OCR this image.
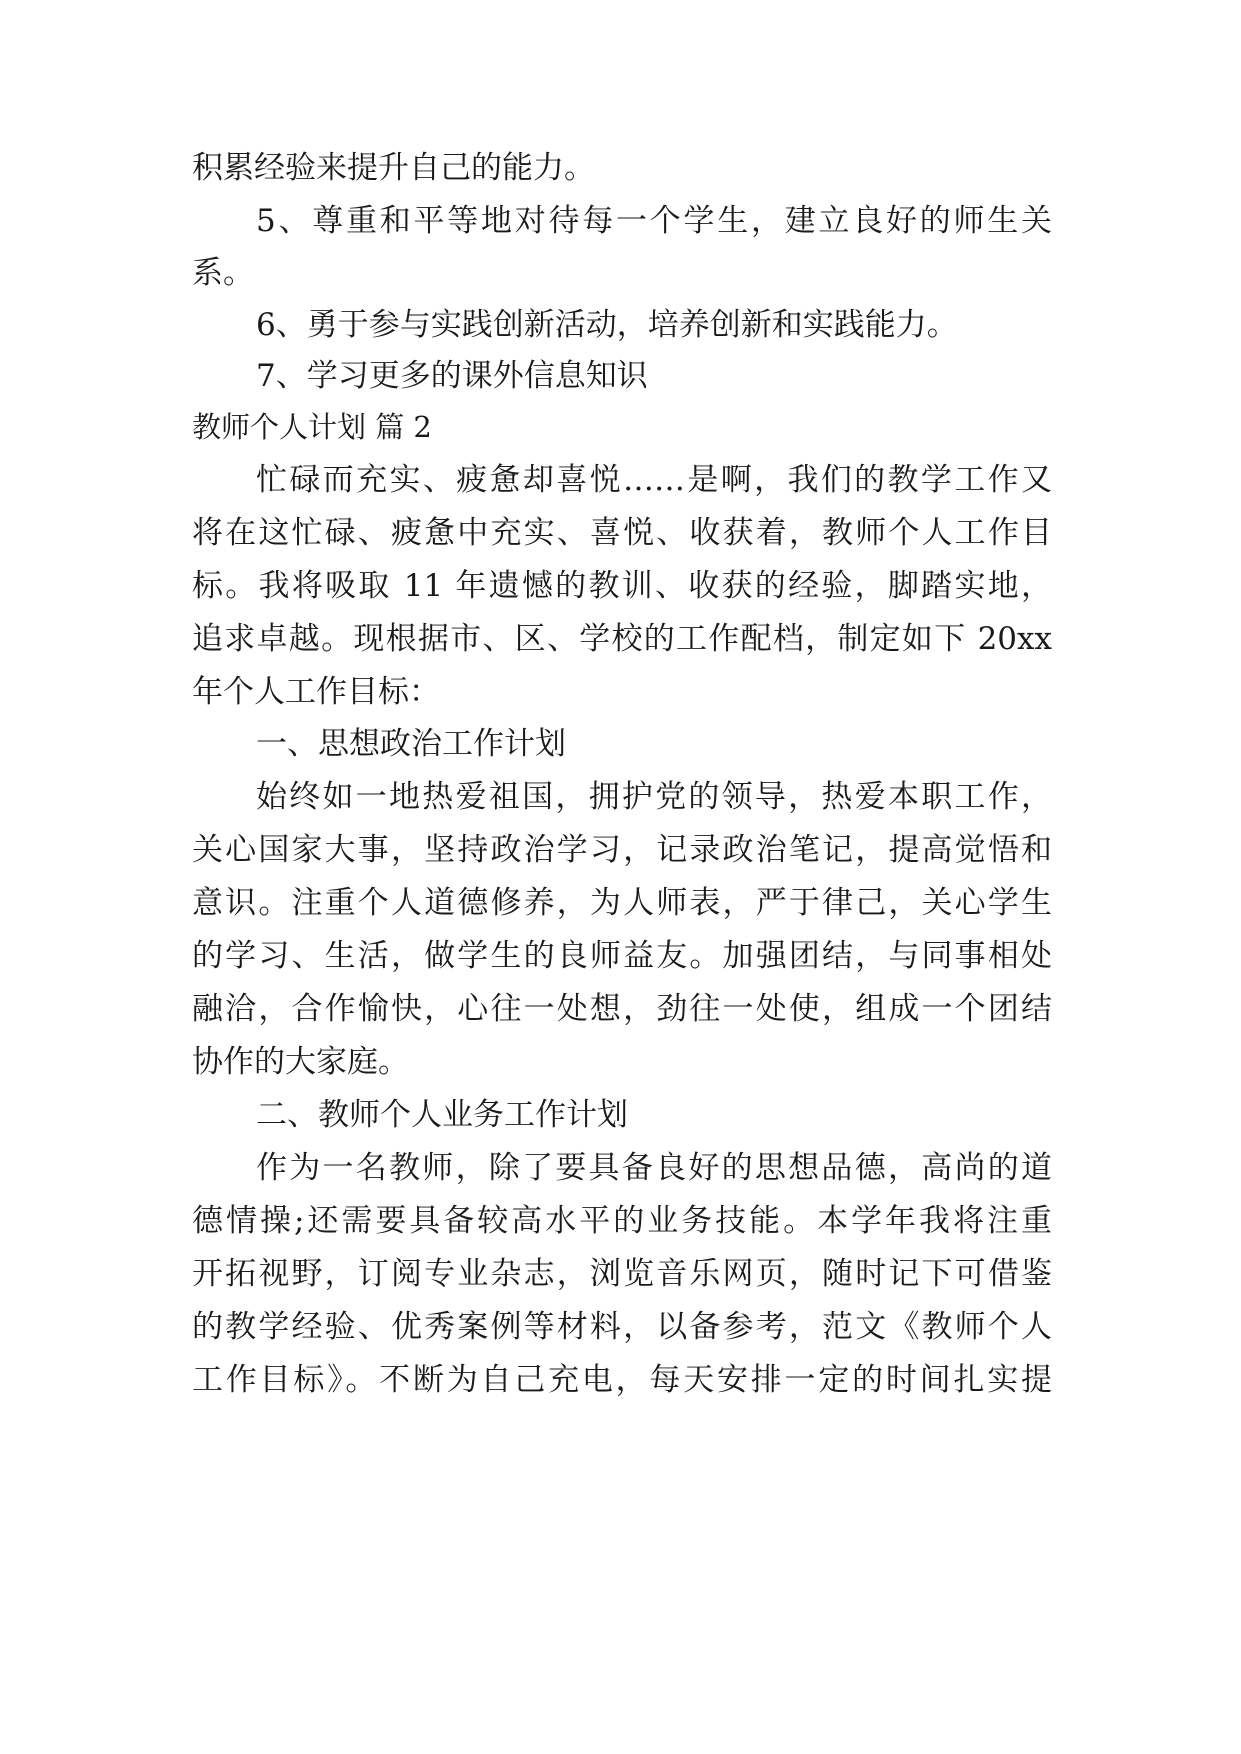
积累经验来提升自己的能力。

5、尊重和平等地对待每一个学生，建立良好的师生关

系。

6、勇于参与实践创新活动，培养创新和实践能力。

7、学习更多的课外信息知识

教师个人计划 篇 2

忙碌而充实、疲惫却喜悦……是啊，我们的教学工作又

将在这忙碌、疲惫中充实、喜悦、收获着，教师个人工作目

标。我将吸取 11 年遗憾的教训、收获的经验，脚踏实地，

追求卓越。现根据市、区、学校的工作配档，制定如下 20xx

年个人工作目标：

一、思想政治工作计划

始终如一地热爱祖国，拥护党的领导，热爱本职工作，

关心国家大事，坚持政治学习，记录政治笔记，提高觉悟和

意识。注重个人道德修养，为人师表，严于律己，关心学生

的学习、生活，做学生的良师益友。加强团结，与同事相处

融洽，合作愉快，心往一处想，劲往一处使，组成一个团结

协作的大家庭。

二、教师个人业务工作计划

作为一名教师，除了要具备良好的思想品德，高尚的道

德情操;还需要具备较高水平的业务技能。本学年我将注重

开拓视野，订阅专业杂志，浏览音乐网页，随时记下可借鉴

的教学经验、优秀案例等材料，以备参考，范文《教师个人

工作目标》。不断为自己充电，每天安排一定的时间扎实提
